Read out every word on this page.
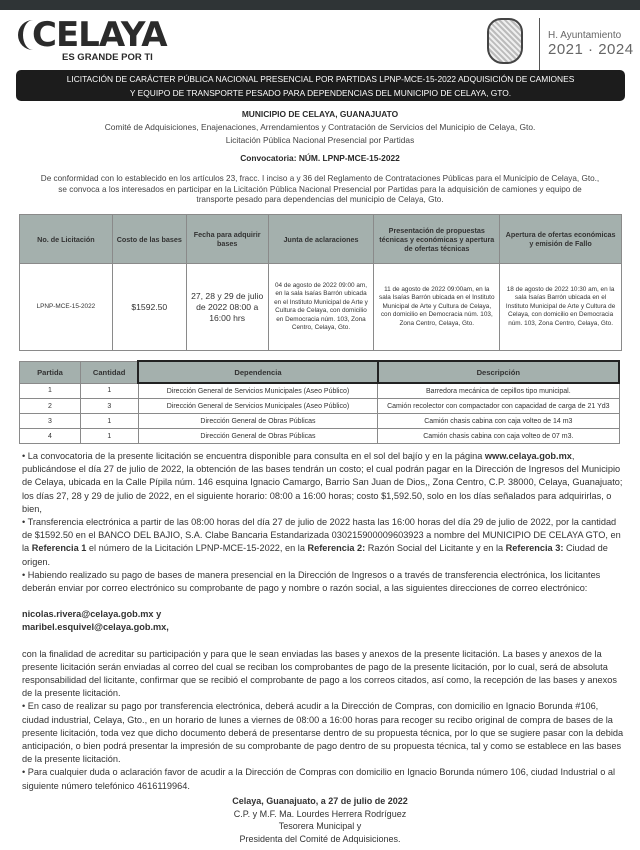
CELAYA
ES GRANDE POR TI
H. Ayuntamiento
2021 · 2024
LICITACIÓN DE CARÁCTER PÚBLICA NACIONAL PRESENCIAL POR PARTIDAS LPNP-MCE-15-2022 ADQUISICIÓN DE CAMIONES
Y EQUIPO DE TRANSPORTE PESADO PARA DEPENDENCIAS DEL MUNICIPIO DE CELAYA, GTO.
MUNICIPIO DE CELAYA, GUANAJUATO
Comité de Adquisiciones, Enajenaciones, Arrendamientos y Contratación de Servicios del Municipio de Celaya, Gto.
Licitación Pública Nacional Presencial por Partidas
Convocatoria: NÚM. LPNP-MCE-15-2022
De conformidad con lo establecido en los artículos 23, fracc. I inciso a y 36 del Reglamento de Contrataciones Públicas para el Municipio de Celaya, Gto., se convoca a los interesados en participar en la Licitación Pública Nacional Presencial por Partidas para la adquisición de camiones y equipo de transporte pesado para dependencias del municipio de Celaya, Gto.
No. de Licitación	Costo de las bases	Fecha para adquirir bases	Junta de aclaraciones	Presentación de propuestas técnicas y económicas y apertura de ofertas técnicas	Apertura de ofertas económicas y emisión de Fallo
LPNP-MCE-15-2022	$1592.50	27, 28 y 29 de julio de 2022 08:00 a 16:00 hrs	04 de agosto de 2022 09:00 am, en la sala Isaías Barrón ubicada en el Instituto Municipal de Arte y Cultura de Celaya, con domicilio en Democracia núm. 103, Zona Centro, Celaya, Gto.	11 de agosto de 2022 09:00am, en la sala Isaías Barrón ubicada en el Instituto Municipal de Arte y Cultura de Celaya, con domicilio en Democracia núm. 103, Zona Centro, Celaya, Gto.	18 de agosto de 2022 10:30 am, en la sala Isaías Barrón ubicada en el Instituto Municipal de Arte y Cultura de Celaya, con domicilio en Democracia núm. 103, Zona Centro, Celaya, Gto.
Partida	Cantidad	Dependencia	Descripción
1	1	Dirección General de Servicios Municipales (Aseo Público)	Barredora mecánica de cepillos tipo municipal.
2	3	Dirección General de Servicios Municipales (Aseo Público)	Camión recolector con compactador con capacidad de carga de 21 Yd3
3	1	Dirección General de Obras Públicas	Camión chasis cabina con caja volteo de 14 m3
4	1	Dirección General de Obras Públicas	Camión chasis cabina con caja volteo de 07 m3.

• La convocatoria de la presente licitación se encuentra disponible para consulta en el sol del bajío y en la página www.celaya.gob.mx, publicándose el día 27 de julio de 2022, la obtención de las bases tendrán un costo; el cual podrán pagar en la Dirección de Ingresos del Municipio de Celaya, ubicada en la Calle Pípila núm. 146 esquina Ignacio Camargo, Barrio San Juan de Dios,, Zona Centro, C.P. 38000, Celaya, Guanajuato; los días 27, 28 y 29 de julio de 2022, en el siguiente horario: 08:00 a 16:00 horas; costo $1,592.50, solo en los días señalados para adquirirlas, o bien,

• Transferencia electrónica a partir de las 08:00 horas del día 27 de julio de 2022 hasta las 16:00 horas del día 29 de julio de 2022, por la cantidad de $1592.50 en el BANCO DEL BAJIO, S.A. Clabe Bancaria Estandarizada 030215900009603923 a nombre del MUNICIPIO DE CELAYA GTO, en la Referencia 1 el número de la Licitación LPNP-MCE-15-2022, en la Referencia 2: Razón Social del Licitante y en la Referencia 3: Ciudad de origen.

• Habiendo realizado su pago de bases de manera presencial en la Dirección de Ingresos o a través de transferencia electrónica, los licitantes deberán enviar por correo electrónico su comprobante de pago y nombre o razón social, a las siguientes direcciones de correo electrónico:

nicolas.rivera@celaya.gob.mx y

maribel.esquivel@celaya.gob.mx,

con la finalidad de acreditar su participación y para que le sean enviadas las bases y anexos de la presente licitación. La bases y anexos de la presente licitación serán enviadas al correo del cual se reciban los comprobantes de pago de la presente licitación, por lo cual, será de absoluta responsabilidad del licitante, confirmar que se recibió el comprobante de pago a los correos citados, así como, la recepción de las bases y anexos de la presente licitación.

• En caso de realizar su pago por transferencia electrónica, deberá acudir a la Dirección de Compras, con domicilio en Ignacio Borunda #106, ciudad industrial, Celaya, Gto., en un horario de lunes a viernes de 08:00 a 16:00 horas para recoger su recibo original de compra de bases de la presente licitación, toda vez que dicho documento deberá de presentarse dentro de su propuesta técnica, por lo que se sugiere pasar con la debida anticipación, o bien podrá presentar la impresión de su comprobante de pago dentro de su propuesta técnica, tal y como se establece en las bases de la presente licitación.

• Para cualquier duda o aclaración favor de acudir a la Dirección de Compras con domicilio en Ignacio Borunda número 106, ciudad Industrial o al siguiente número telefónico 4616119964.

Celaya, Guanajuato, a 27 de julio de 2022
C.P. y M.F. Ma. Lourdes Herrera Rodríguez
Tesorera Municipal y
Presidenta del Comité de Adquisiciones.
